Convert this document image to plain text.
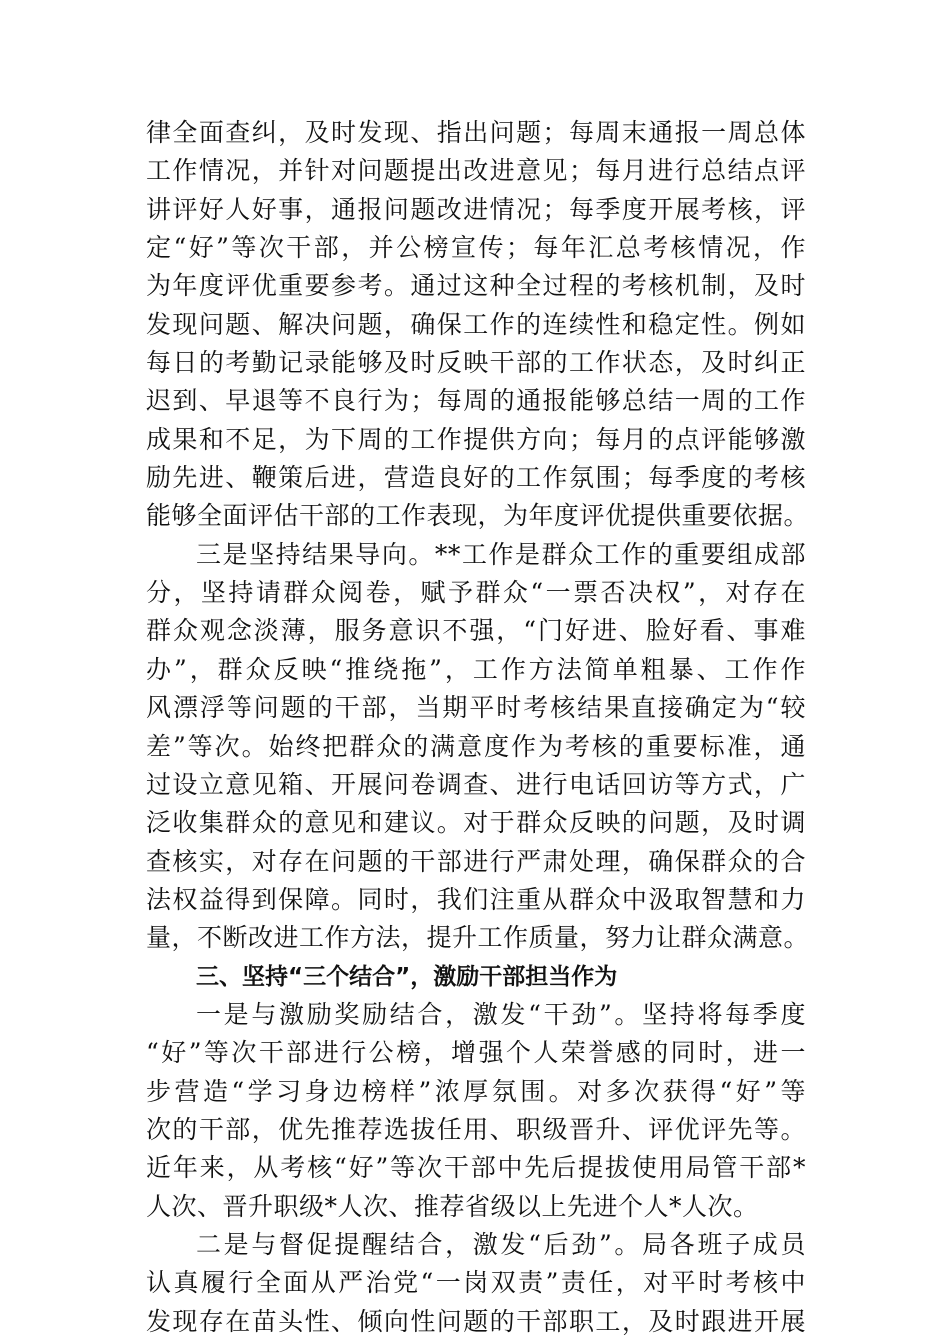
律全面查纠，及时发现、指出问题；每周末通报一周总体
工作情况，并针对问题提出改进意见；每月进行总结点评
讲评好人好事，通报问题改进情况；每季度开展考核，评
定“好”等次干部，并公榜宣传；每年汇总考核情况，作
为年度评优重要参考。通过这种全过程的考核机制，及时
发现问题、解决问题，确保工作的连续性和稳定性。例如
每日的考勤记录能够及时反映干部的工作状态，及时纠正
迟到、早退等不良行为；每周的通报能够总结一周的工作
成果和不足，为下周的工作提供方向；每月的点评能够激
励先进、鞭策后进，营造良好的工作氛围；每季度的考核
能够全面评估干部的工作表现，为年度评优提供重要依据。
三是坚持结果导向。**工作是群众工作的重要组成部
分，坚持请群众阅卷，赋予群众“一票否决权”，对存在
群众观念淡薄，服务意识不强，“门好进、脸好看、事难
办”，群众反映“推绕拖”，工作方法简单粗暴、工作作
风漂浮等问题的干部，当期平时考核结果直接确定为“较
差”等次。始终把群众的满意度作为考核的重要标准，通
过设立意见箱、开展问卷调查、进行电话回访等方式，广
泛收集群众的意见和建议。对于群众反映的问题，及时调
查核实，对存在问题的干部进行严肃处理，确保群众的合
法权益得到保障。同时，我们注重从群众中汲取智慧和力
量，不断改进工作方法，提升工作质量，努力让群众满意。
三、坚持“三个结合”，激励干部担当作为
一是与激励奖励结合，激发“干劲”。坚持将每季度
“好”等次干部进行公榜，增强个人荣誉感的同时，进一
步营造“学习身边榜样”浓厚氛围。对多次获得“好”等
次的干部，优先推荐选拔任用、职级晋升、评优评先等。
近年来，从考核“好”等次干部中先后提拔使用局管干部*
人次、晋升职级*人次、推荐省级以上先进个人*人次。
二是与督促提醒结合，激发“后劲”。局各班子成员
认真履行全面从严治党“一岗双责”责任，对平时考核中
发现存在苗头性、倾向性问题的干部职工，及时跟进开展
